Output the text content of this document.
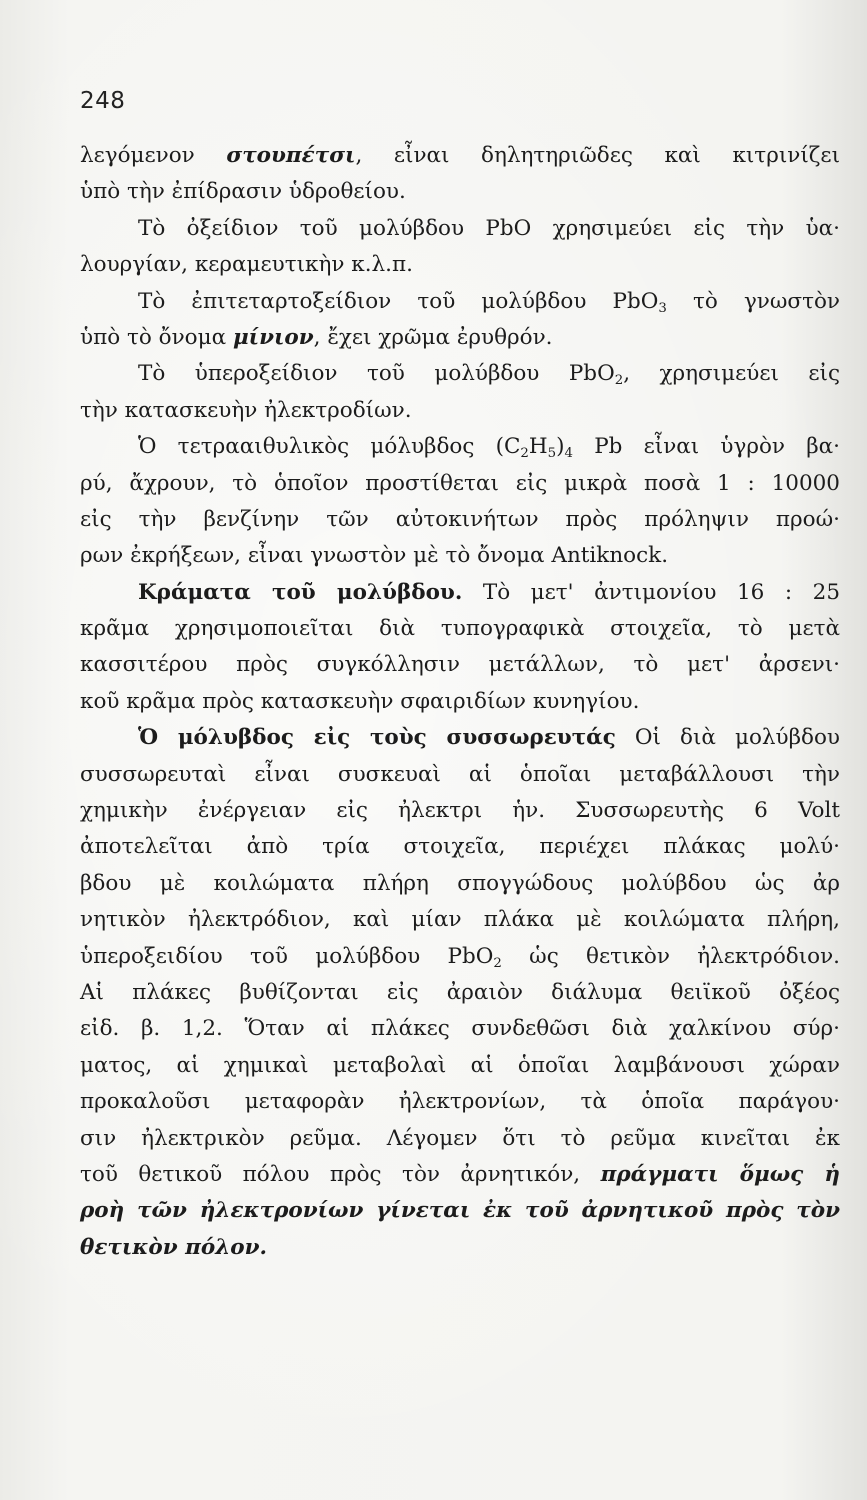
248
λεγόμενον στουπέτσι, εἶναι δηλητηριῶδες καὶ κιτρινίζει
ὑπὸ τὴν ἐπίδρασιν ὑδροθείου.
Τὸ ὀξείδιον τοῦ μολύβδου PbO χρησιμεύει εἰς τὴν ὑα·
λουργίαν, κεραμευτικὴν κ.λ.π.
Τὸ ἐπιτεταρτοξείδιον τοῦ μολύβδου PbO$_3$ τὸ γνωστὸν
ὑπὸ τὸ ὄνομα μίνιον, ἔχει χρῶμα ἐρυθρόν.
Τὸ ὑπεροξείδιον τοῦ μολύβδου PbO$_2$, χρησιμεύει εἰς
τὴν κατασκευὴν ἠλεκτροδίων.
Ὁ τετρααιθυλικὸς μόλυβδος $(C_2H_5)_4$ Pb εἶναι ὑγρὸν βα·
ρύ, ἄχρουν, τὸ ὁποῖον προστίθεται εἰς μικρὰ ποσὰ 1 : 10000
εἰς τὴν βενζίνην τῶν αὐτοκινήτων πρὸς πρόληψιν προώ·
ρων ἐκρήξεων, εἶναι γνωστὸν μὲ τὸ ὄνομα Antiknock.
Κράματα τοῦ μολύβδου. Τὸ μετ' ἀντιμονίου 16 : 25
κρᾶμα χρησιμοποιεῖται διὰ τυπογραφικὰ στοιχεῖα, τὸ μετὰ
κασσιτέρου πρὸς συγκόλλησιν μετάλλων, τὸ μετ' ἀρσενι·
κοῦ κρᾶμα πρὸς κατασκευὴν σφαιριδίων κυνηγίου.
Ὁ μόλυβδος εἰς τοὺς συσσωρευτάς Οἱ διὰ μολύβδου
συσσωρευταὶ εἶναι συσκευαὶ αἱ ὁποῖαι μεταβάλλουσι τὴν
χημικὴν ἐνέργειαν εἰς ἠλεκτρι ἡν. Συσσωρευτὴς 6 Volt
ἀποτελεῖται ἀπὸ τρία στοιχεῖα, περιέχει πλάκας μολύ·
βδου μὲ κοιλώματα πλήρη σπογγώδους μολύβδου ὡς ἀρ
νητικὸν ἠλεκτρόδιον, καὶ μίαν πλάκα μὲ κοιλώματα πλήρη,
ὑπεροξειδίου τοῦ μολύβδου PbO$_2$ ὡς θετικὸν ἠλεκτρόδιον.
Αἱ πλάκες βυθίζονται εἰς ἀραιὸν διάλυμα θειϊκοῦ ὀξέος
εἰδ. β. 1,2. Ὅταν αἱ πλάκες συνδεθῶσι διὰ χαλκίνου σύρ·
ματος, αἱ χημικαὶ μεταβολαὶ αἱ ὁποῖαι λαμβάνουσι χώραν
προκαλοῦσι μεταφορὰν ἠλεκτρονίων, τὰ ὁποῖα παράγου·
σιν ἠλεκτρικὸν ρεῦμα. Λέγομεν ὅτι τὸ ρεῦμα κινεῖται ἐκ
τοῦ θετικοῦ πόλου πρὸς τὸν ἀρνητικόν, πράγματι ὅμως ἡ
ροὴ τῶν ἠλεκτρονίων γίνεται ἐκ τοῦ ἀρνητικοῦ πρὸς τὸν
θετικὸν πόλον.
